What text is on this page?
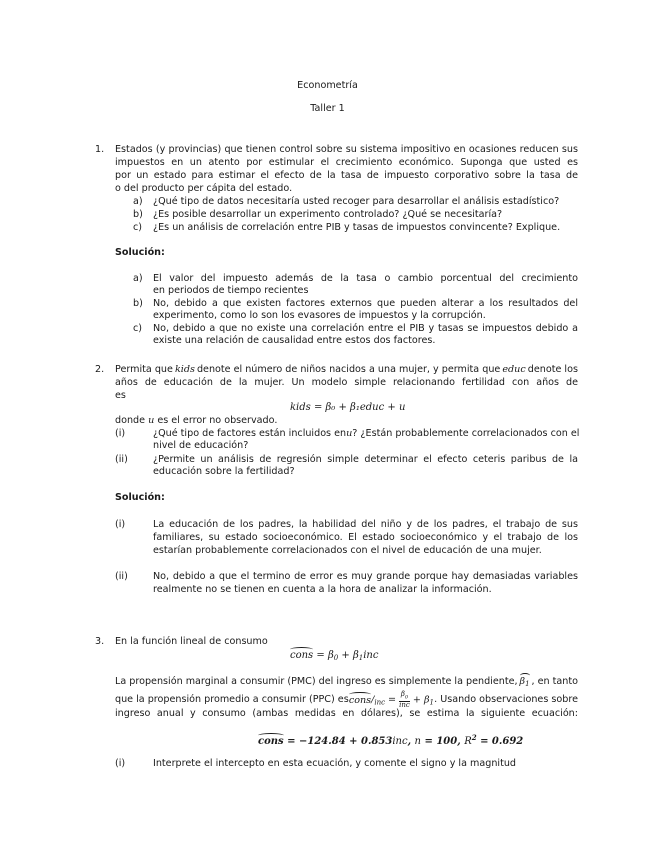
Econometría
Taller 1
1. Estados (y provincias) que tienen control sobre su sistema impositivo en ocasiones reducen sus
impuestos en un atento por estimular el crecimiento económico. Suponga que usted es
por un estado para estimar el efecto de la tasa de impuesto corporativo sobre la tasa de
o del producto per cápita del estado.
a) ¿Qué tipo de datos necesitaría usted recoger para desarrollar el análisis estadístico?
b) ¿Es posible desarrollar un experimento controlado? ¿Qué se necesitaría?
c) ¿Es un análisis de correlación entre PIB y tasas de impuestos convincente? Explique.
Solución:
a) El valor del impuesto además de la tasa o cambio porcentual del crecimiento
en periodos de tiempo recientes
b) No, debido a que existen factores externos que pueden alterar a los resultados del
experimento, como lo son los evasores de impuestos y la corrupción.
c) No, debido a que no existe una correlación entre el PIB y tasas se impuestos debido a
existe una relación de causalidad entre estos dos factores.
2. Permita que kids denote el número de niños nacidos a una mujer, y permita que educ denote los
años de educación de la mujer. Un modelo simple relacionando fertilidad con años de
es
kids = β₀ + β₁educ + u
donde u es el error no observado.
(i)	¿Qué tipo de factores están incluidos en u ? ¿Están probablemente correlacionados con el
nivel de educación?
(ii)	¿Permite un análisis de regresión simple determinar el efecto ceteris paribus de la
educación sobre la fertilidad?
Solución:
(i)	La educación de los padres, la habilidad del niño y de los padres, el trabajo de sus
familiares, su estado socioeconómico. El estado socioeconómico y el trabajo de los
estarían probablemente correlacionados con el nivel de educación de una mujer.
(ii)	No, debido a que el termino de error es muy grande porque hay demasiadas variables
realmente no se tienen en cuenta a la hora de analizar la información.
3. En la función lineal de consumo
cons = $\beta_0 + \beta_1inc$
La propensión marginal a consumir (PMC) del ingreso es simplemente la pendiente, $\beta_1$ , en tanto
que la propensión promedio a consumir (PPC) es cons/$_{inc} = \frac{\beta_0}{\text{inc}} + \beta_1$ . Usando observaciones sobre
ingreso anual y consumo (ambas medidas en dólares), se estima la siguiente ecuación:
cons = −124.84 + 0.853inc, n = 100, $R^2 = 0.692$
(i)	Interprete el intercepto en esta ecuación, y comente el signo y la magnitud
